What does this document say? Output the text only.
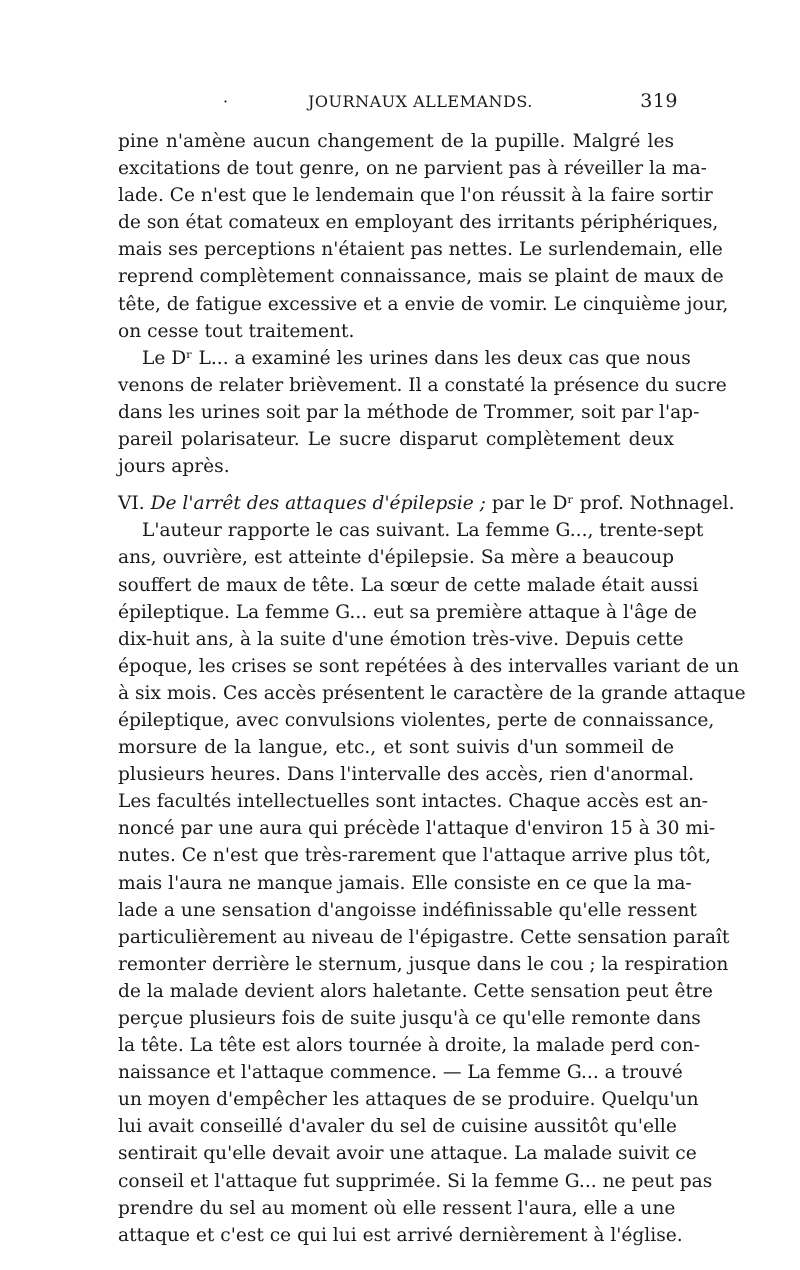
·	JOURNAUX ALLEMANDS.	319
pine n'amène aucun changement de la pupille. Malgré les
excitations de tout genre, on ne parvient pas à réveiller la ma-
lade. Ce n'est que le lendemain que l'on réussit à la faire sortir
de son état comateux en employant des irritants périphériques,
mais ses perceptions n'étaient pas nettes. Le surlendemain, elle
reprend complètement connaissance, mais se plaint de maux de
tête, de fatigue excessive et a envie de vomir. Le cinquième jour,
on cesse tout traitement.
Le Dʳ L... a examiné les urines dans les deux cas que nous
venons de relater brièvement. Il a constaté la présence du sucre
dans les urines soit par la méthode de Trommer, soit par l'ap-
pareil polarisateur. Le sucre disparut complètement deux
jours après.
VI. De l'arrêt des attaques d'épilepsie ; par le Dʳ prof. Nothnagel.
L'auteur rapporte le cas suivant. La femme G..., trente-sept
ans, ouvrière, est atteinte d'épilepsie. Sa mère a beaucoup
souffert de maux de tête. La sœur de cette malade était aussi
épileptique. La femme G... eut sa première attaque à l'âge de
dix-huit ans, à la suite d'une émotion très-vive. Depuis cette
époque, les crises se sont repétées à des intervalles variant de un
à six mois. Ces accès présentent le caractère de la grande attaque
épileptique, avec convulsions violentes, perte de connaissance,
morsure de la langue, etc., et sont suivis d'un sommeil de
plusieurs heures. Dans l'intervalle des accès, rien d'anormal.
Les facultés intellectuelles sont intactes. Chaque accès est an-
noncé par une aura qui précède l'attaque d'environ 15 à 30 mi-
nutes. Ce n'est que très-rarement que l'attaque arrive plus tôt,
mais l'aura ne manque jamais. Elle consiste en ce que la ma-
lade a une sensation d'angoisse indéfinissable qu'elle ressent
particulièrement au niveau de l'épigastre. Cette sensation paraît
remonter derrière le sternum, jusque dans le cou ; la respiration
de la malade devient alors haletante. Cette sensation peut être
perçue plusieurs fois de suite jusqu'à ce qu'elle remonte dans
la tête. La tête est alors tournée à droite, la malade perd con-
naissance et l'attaque commence. — La femme G... a trouvé
un moyen d'empêcher les attaques de se produire. Quelqu'un
lui avait conseillé d'avaler du sel de cuisine aussitôt qu'elle
sentirait qu'elle devait avoir une attaque. La malade suivit ce
conseil et l'attaque fut supprimée. Si la femme G... ne peut pas
prendre du sel au moment où elle ressent l'aura, elle a une
attaque et c'est ce qui lui est arrivé dernièrement à l'église.
